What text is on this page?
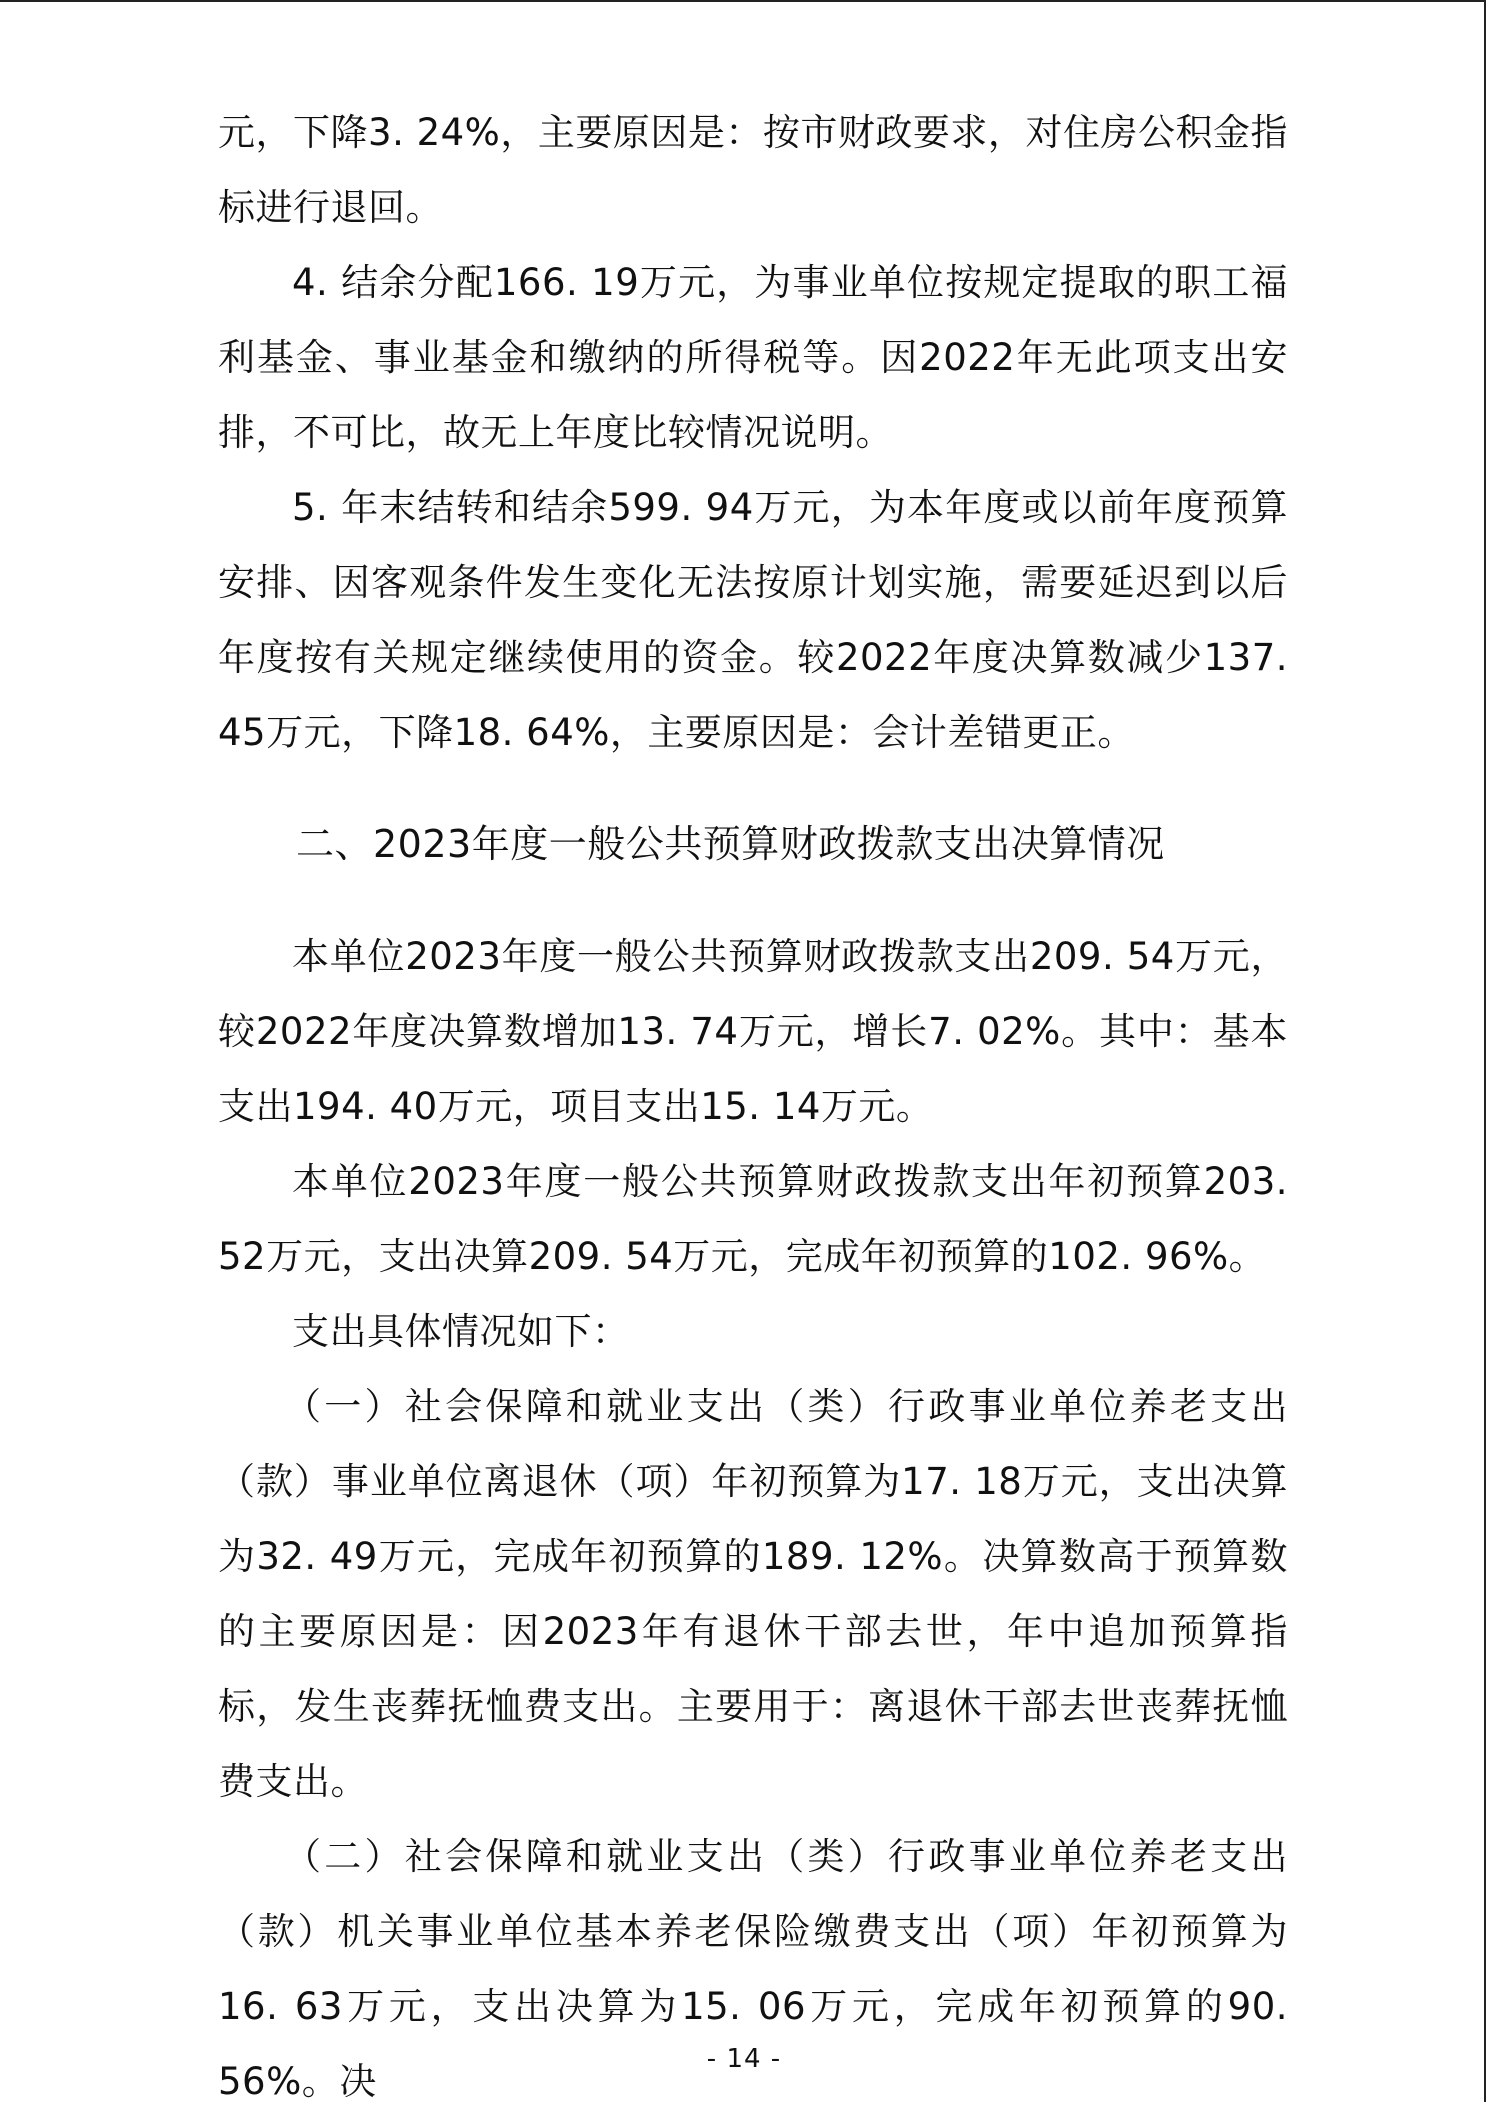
元，下降3. 24%，主要原因是：按市财政要求，对住房公积金指标进行退回。

4. 结余分配166. 19万元，为事业单位按规定提取的职工福利基金、事业基金和缴纳的所得税等。因2022年无此项支出安排，不可比，故无上年度比较情况说明。

5. 年末结转和结余599. 94万元，为本年度或以前年度预算安排、因客观条件发生变化无法按原计划实施，需要延迟到以后年度按有关规定继续使用的资金。较2022年度决算数减少137. 45万元，下降18. 64%，主要原因是：会计差错更正。

二、2023年度一般公共预算财政拨款支出决算情况

本单位2023年度一般公共预算财政拨款支出209. 54万元，较2022年度决算数增加13. 74万元，增长7. 02%。其中：基本支出194. 40万元，项目支出15. 14万元。

本单位2023年度一般公共预算财政拨款支出年初预算203. 52万元，支出决算209. 54万元，完成年初预算的102. 96%。

支出具体情况如下：

（一）社会保障和就业支出（类）行政事业单位养老支出（款）事业单位离退休（项）年初预算为17. 18万元，支出决算为32. 49万元，完成年初预算的189. 12%。决算数高于预算数的主要原因是：因2023年有退休干部去世，年中追加预算指标，发生丧葬抚恤费支出。主要用于：离退休干部去世丧葬抚恤费支出。

（二）社会保障和就业支出（类）行政事业单位养老支出（款）机关事业单位基本养老保险缴费支出（项）年初预算为16. 63万元，支出决算为15. 06万元，完成年初预算的90. 56%。决

- 14 -
